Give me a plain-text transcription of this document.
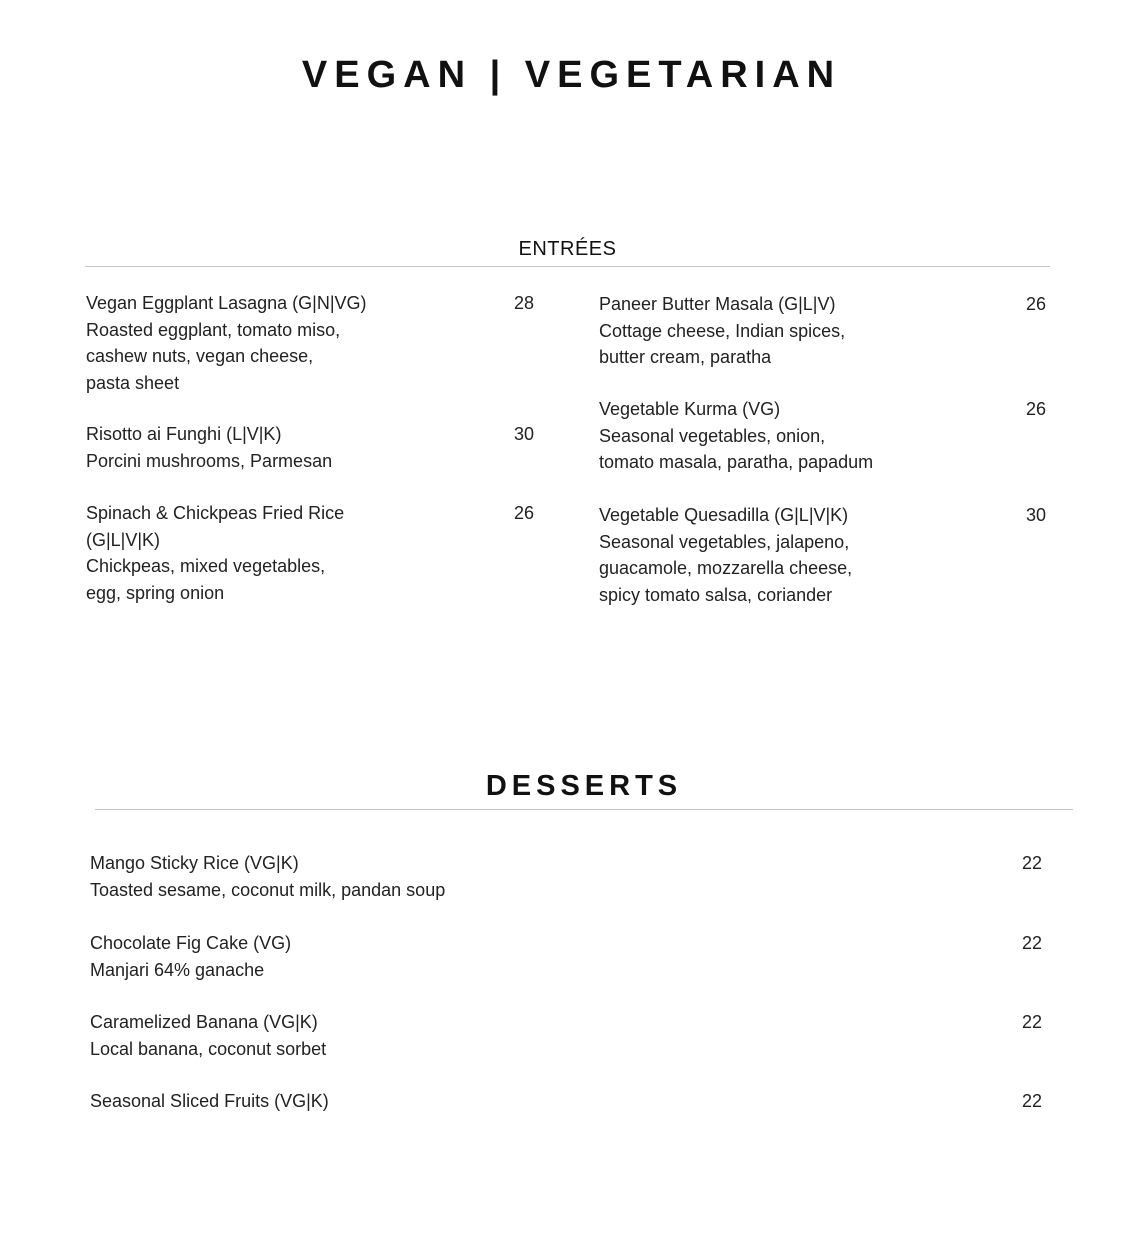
VEGAN | VEGETARIAN
ENTRÉES
Vegan Eggplant Lasagna (G|N|VG)
Roasted eggplant, tomato miso,
cashew nuts, vegan cheese,
pasta sheet
28
Risotto ai Funghi (L|V|K)
Porcini mushrooms, Parmesan
30
Spinach & Chickpeas Fried Rice
(G|L|V|K)
Chickpeas, mixed vegetables,
egg, spring onion
26
Paneer Butter Masala (G|L|V)
Cottage cheese, Indian spices,
butter cream, paratha
26
Vegetable Kurma (VG)
Seasonal vegetables, onion,
tomato masala, paratha, papadum
26
Vegetable Quesadilla (G|L|V|K)
Seasonal vegetables, jalapeno,
guacamole, mozzarella cheese,
spicy tomato salsa, coriander
30
DESSERTS
Mango Sticky Rice (VG|K)
Toasted sesame, coconut milk, pandan soup
22
Chocolate Fig Cake (VG)
Manjari 64% ganache
22
Caramelized Banana (VG|K)
Local banana, coconut sorbet
22
Seasonal Sliced Fruits (VG|K)	22
